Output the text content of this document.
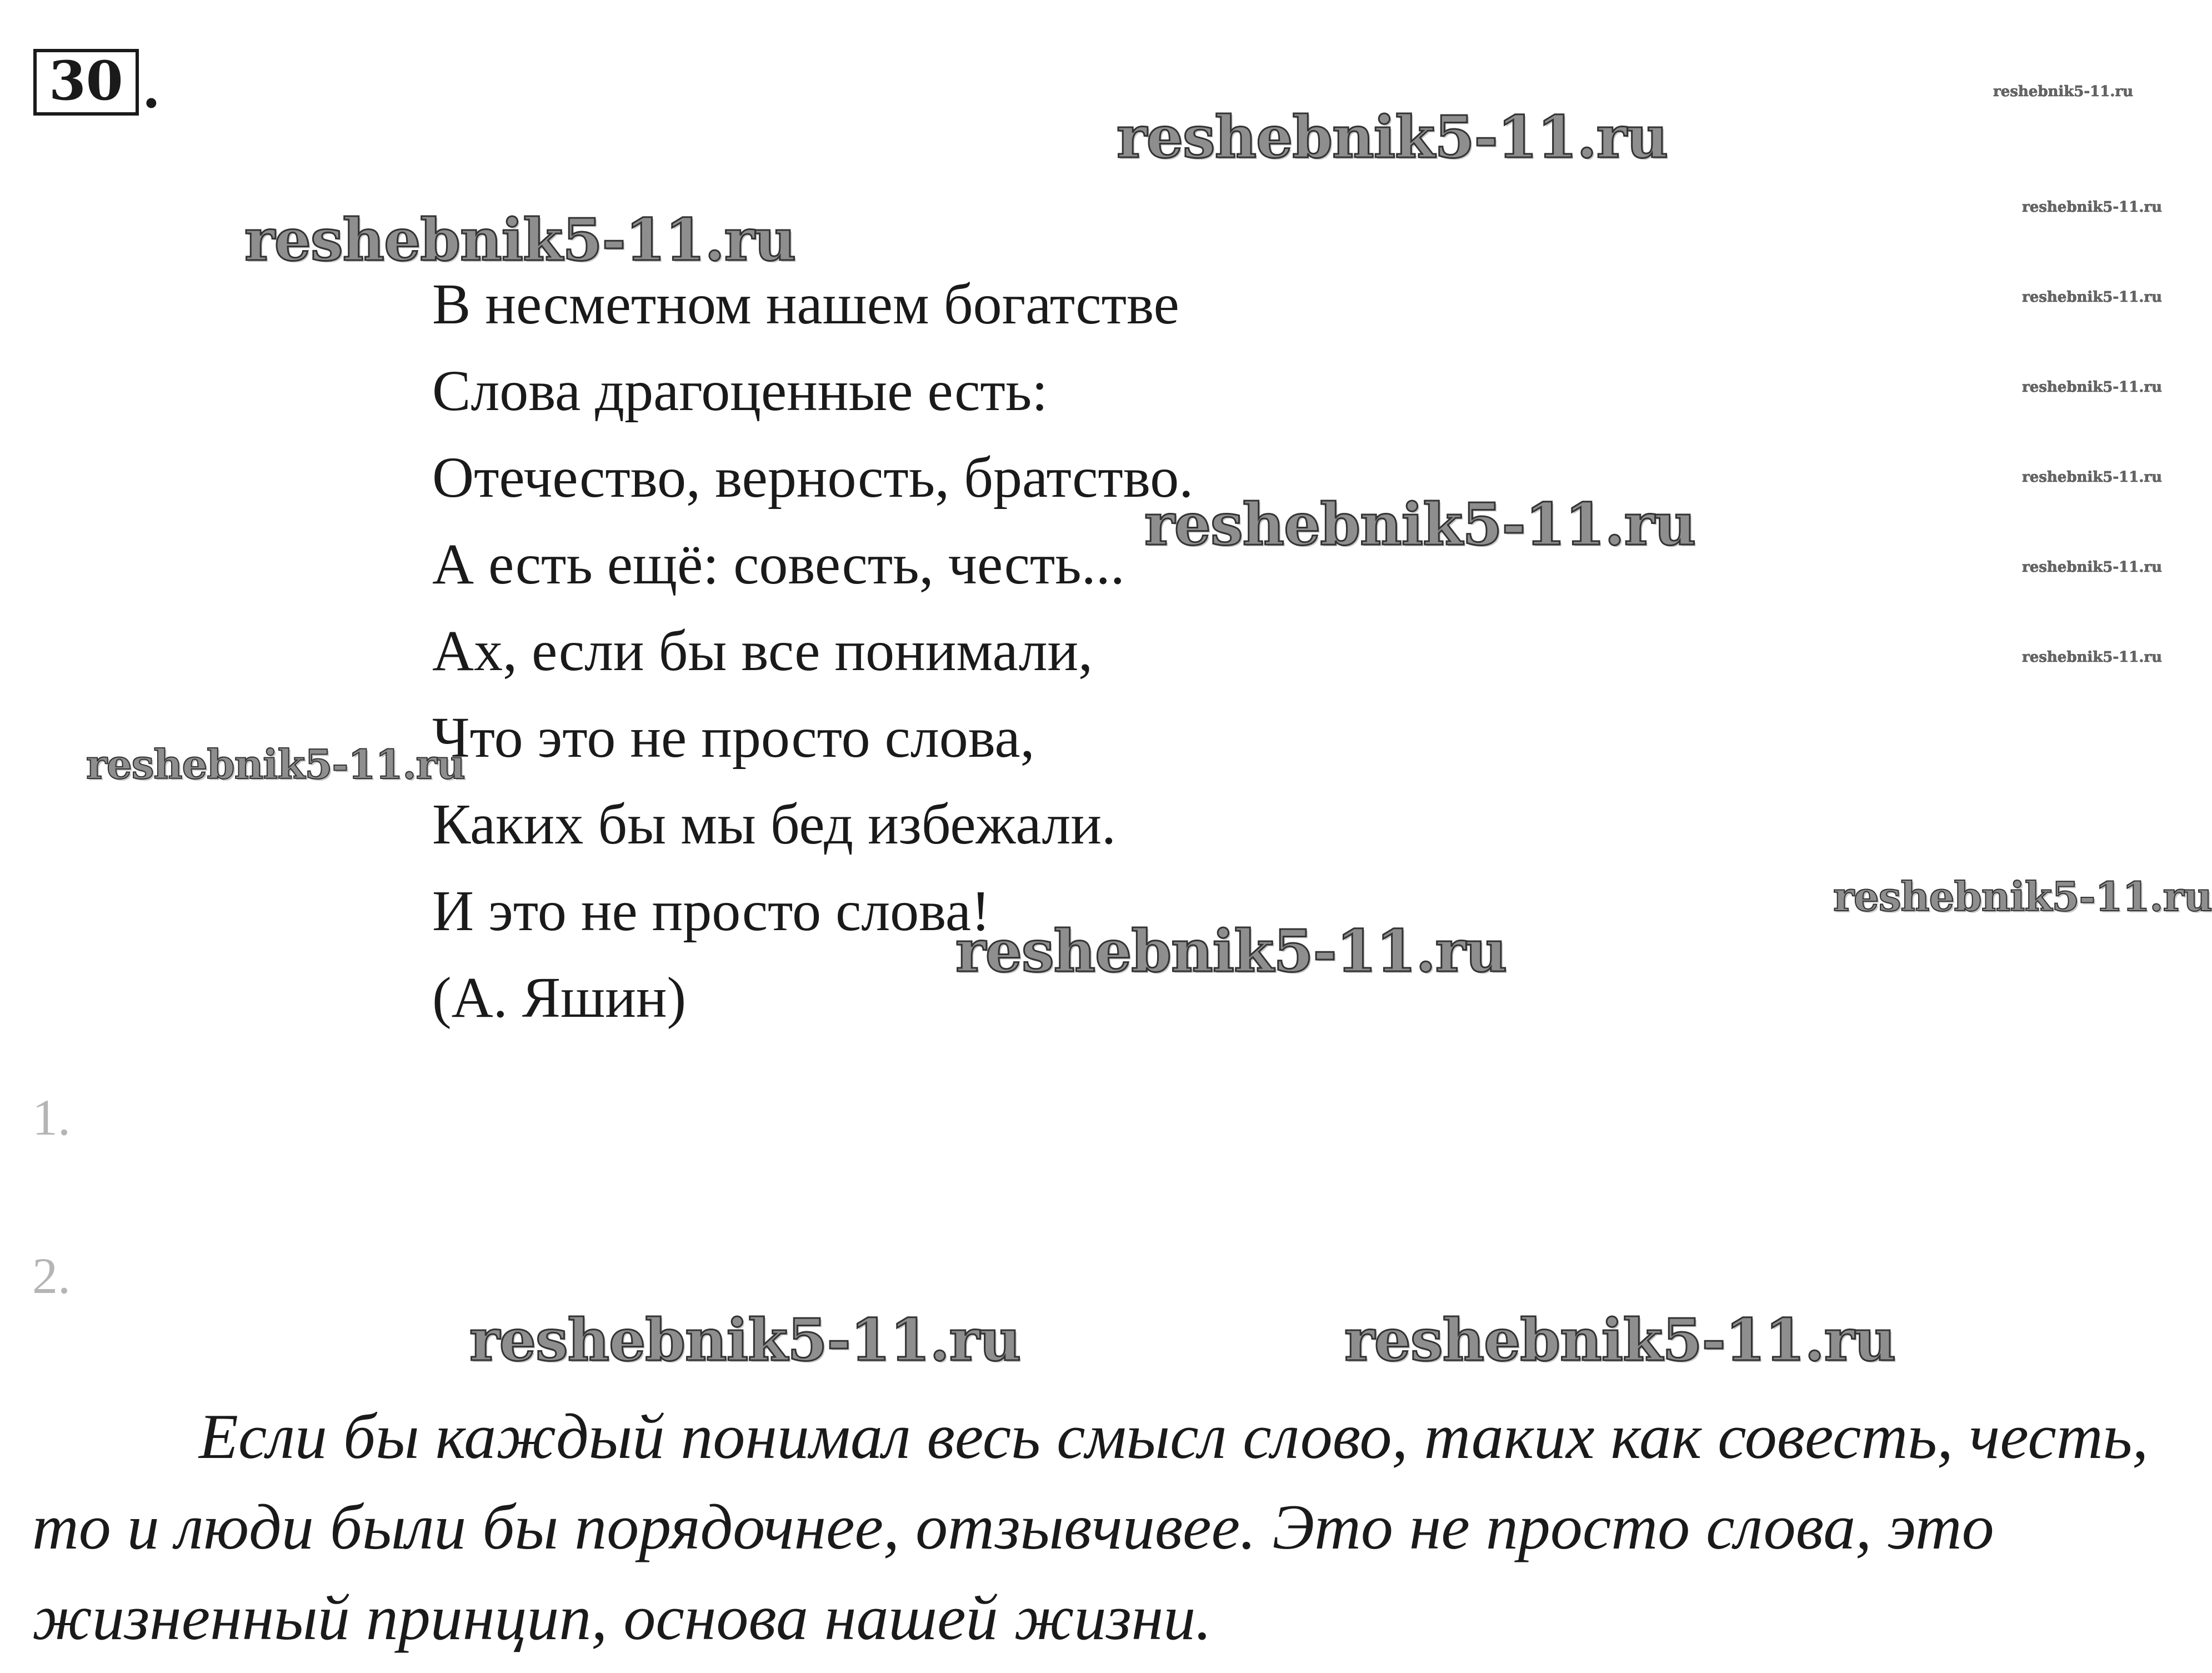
30 .
reshebnik5-11.ru
reshebnik5-11.ru
reshebnik5-11.ru
reshebnik5-11.ru
reshebnik5-11.ru	reshebnik5-11.ru
reshebnik5-11.ru
reshebnik5-11.ru
reshebnik5-11.ru
reshebnik5-11.ru
reshebnik5-11.ru
reshebnik5-11.ru
reshebnik5-11.ru
reshebnik5-11.ru
reshebnik5-11.ru
В несметном нашем богатстве
Слова драгоценные есть:
Отечество, верность, братство.
А есть ещё: совесть, честь...
Ах, если бы все понимали,
Что это не просто слова,
Каких бы мы бед избежали.
И это не просто слова!
(А. Яшин)
1.
2.
Если бы каждый понимал весь смысл слово, таких как совесть, честь,
то и люди были бы порядочнее, отзывчивее. Это не просто слова, это
жизненный принцип, основа нашей жизни.
